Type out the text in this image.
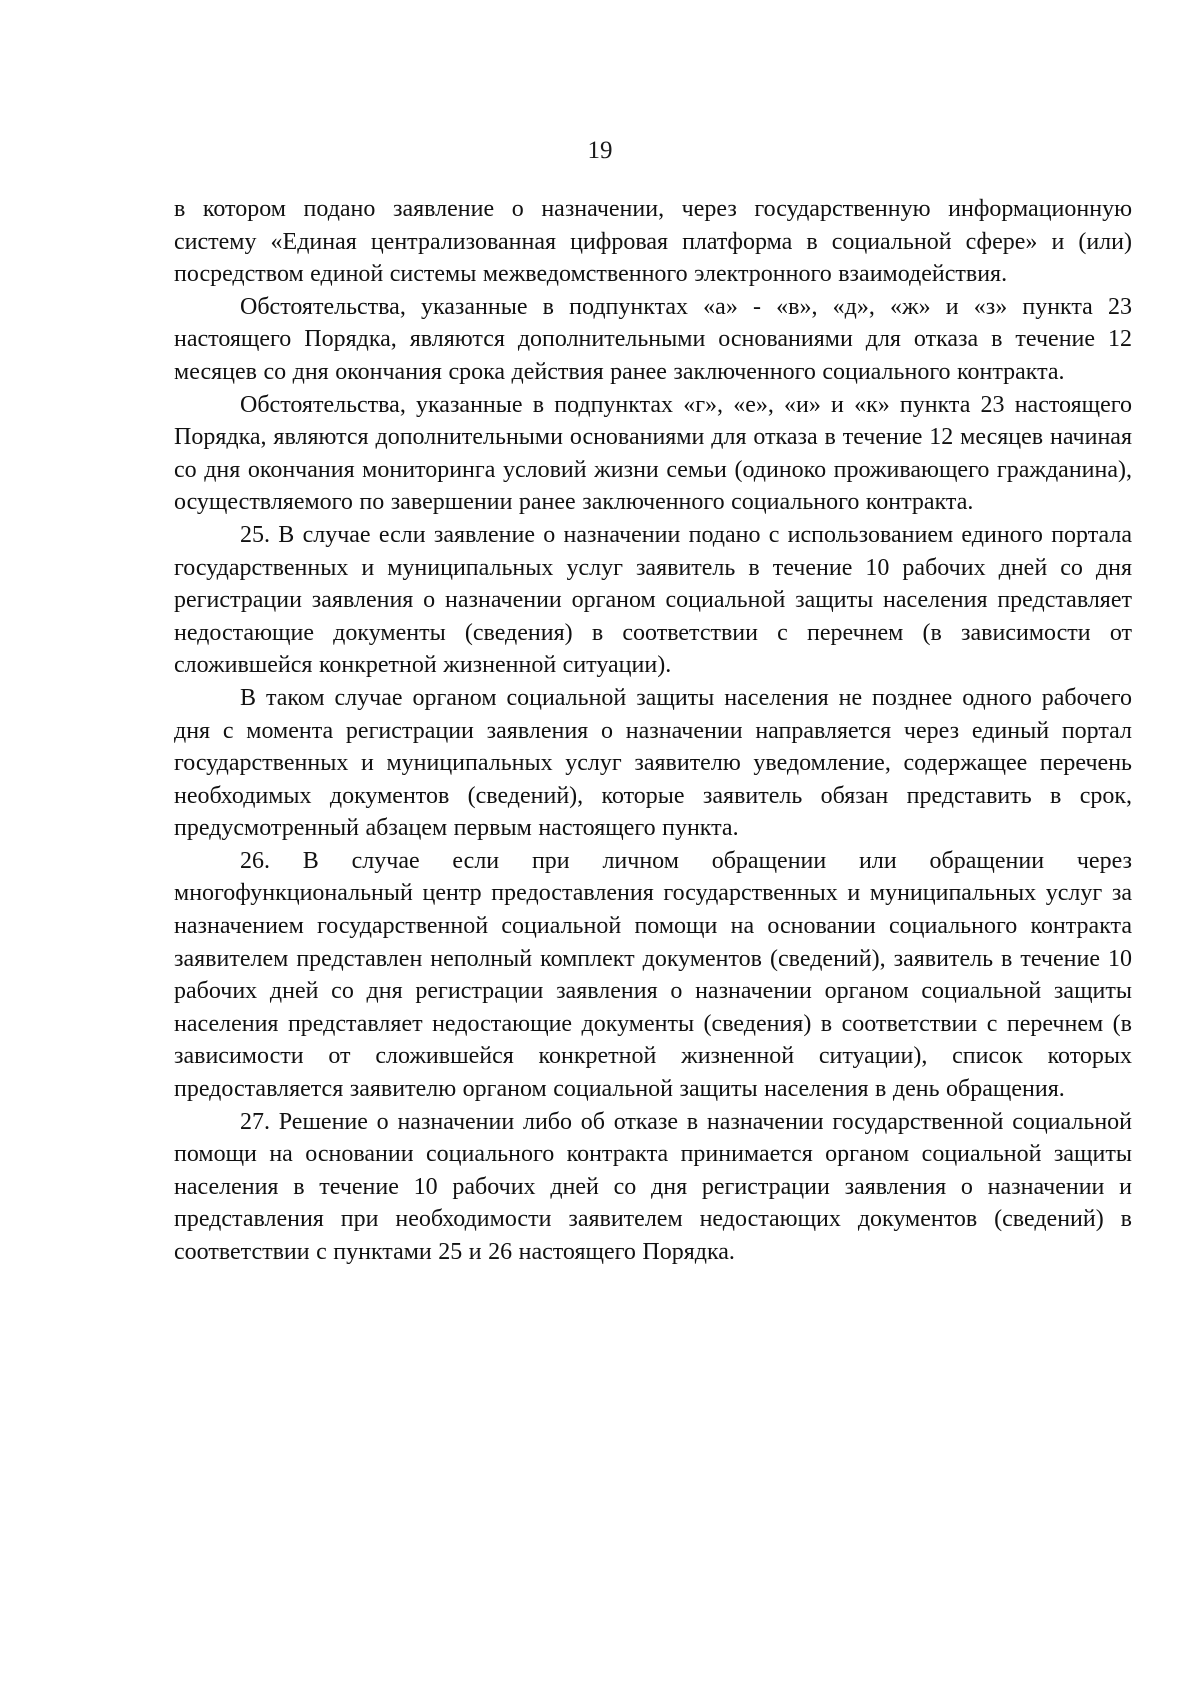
19

в котором подано заявление о назначении, через государственную информационную систему «Единая централизованная цифровая платформа в социальной сфере» и (или) посредством единой системы межведомственного электронного взаимодействия.

Обстоятельства, указанные в подпунктах «а» - «в», «д», «ж» и «з» пункта 23 настоящего Порядка, являются дополнительными основаниями для отказа в течение 12 месяцев со дня окончания срока действия ранее заключенного социального контракта.

Обстоятельства, указанные в подпунктах «г», «е», «и» и «к» пункта 23 настоящего Порядка, являются дополнительными основаниями для отказа в течение 12 месяцев начиная со дня окончания мониторинга условий жизни семьи (одиноко проживающего гражданина), осуществляемого по завершении ранее заключенного социального контракта.

25. В случае если заявление о назначении подано с использованием единого портала государственных и муниципальных услуг заявитель в течение 10 рабочих дней со дня регистрации заявления о назначении органом социальной защиты населения представляет недостающие документы (сведения) в соответствии с перечнем (в зависимости от сложившейся конкретной жизненной ситуации).

В таком случае органом социальной защиты населения не позднее одного рабочего дня с момента регистрации заявления о назначении направляется через единый портал государственных и муниципальных услуг заявителю уведомление, содержащее перечень необходимых документов (сведений), которые заявитель обязан представить в срок, предусмотренный абзацем первым настоящего пункта.

26. В случае если при личном обращении или обращении через многофункциональный центр предоставления государственных и муниципальных услуг за назначением государственной социальной помощи на основании социального контракта заявителем представлен неполный комплект документов (сведений), заявитель в течение 10 рабочих дней со дня регистрации заявления о назначении органом социальной защиты населения представляет недостающие документы (сведения) в соответствии с перечнем (в зависимости от сложившейся конкретной жизненной ситуации), список которых предоставляется заявителю органом социальной защиты населения в день обращения.

27. Решение о назначении либо об отказе в назначении государственной социальной помощи на основании социального контракта принимается органом социальной защиты населения в течение 10 рабочих дней со дня регистрации заявления о назначении и представления при необходимости заявителем недостающих документов (сведений) в соответствии с пунктами 25 и 26 настоящего Порядка.
